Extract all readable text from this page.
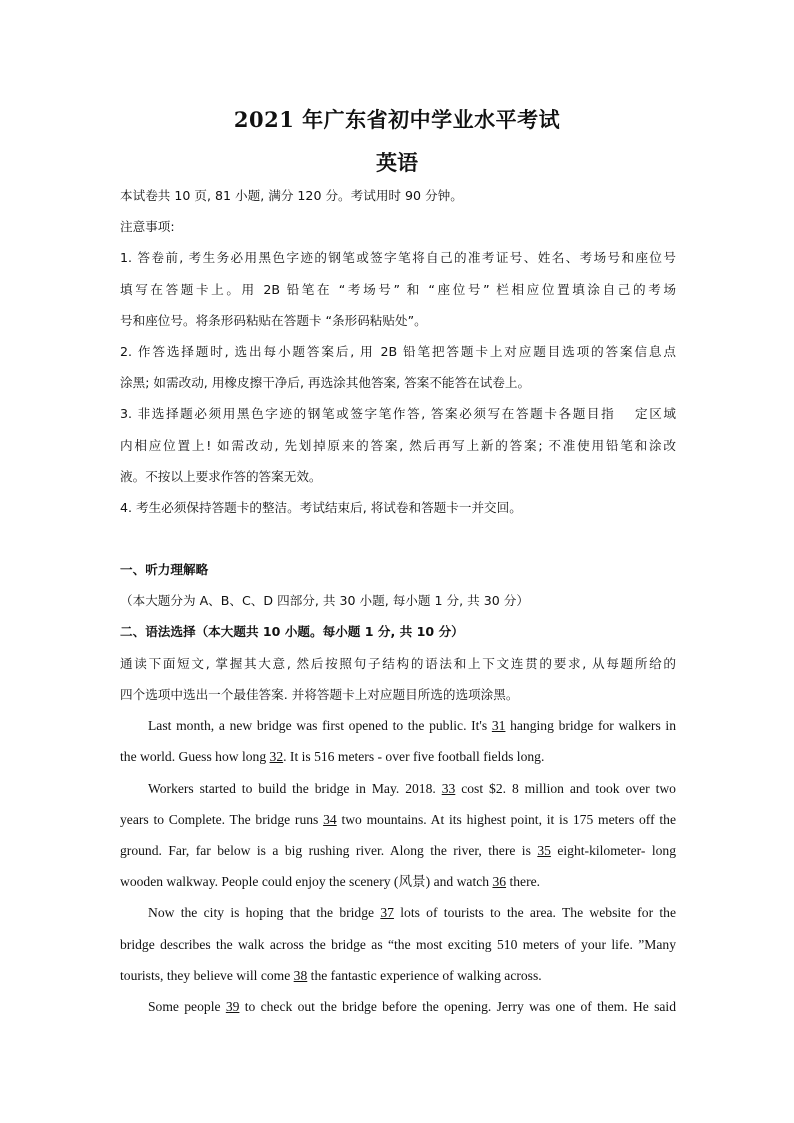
2021 年广东省初中学业水平考试
英语
本试卷共 10 页, 81 小题, 满分 120 分。考试用时 90 分钟。
注意事项:
1. 答卷前, 考生务必用黑色字迹的钢笔或签字笔将自己的准考证号、姓名、考场号和座位号
填写在答题卡上。用 2B 铅笔在 “考场号” 和 “座位号” 栏相应位置填涂自己的考场
号和座位号。将条形码粘贴在答题卡 “条形码粘贴处”。
2. 作答选择题时, 选出每小题答案后, 用 2B 铅笔把答题卡上对应题目选项的答案信息点
涂黑; 如需改动, 用橡皮擦干净后, 再选涂其他答案, 答案不能答在试卷上。
3. 非选择题必须用黑色字迹的钢笔或签字笔作答, 答案必须写在答题卡各题目指　 定区域
内相应位置上! 如需改动, 先划掉原来的答案, 然后再写上新的答案; 不准使用铅笔和涂改
液。不按以上要求作答的答案无效。
4. 考生必须保持答题卡的整洁。考试结束后, 将试卷和答题卡一并交回。
一、听力理解略
（本大题分为 A、B、C、D 四部分, 共 30 小题, 每小题 1 分, 共 30 分）
二、语法选择（本大题共 10 小题。每小题 1 分, 共 10 分）
通读下面短文, 掌握其大意, 然后按照句子结构的语法和上下文连贯的要求, 从每题所给的
四个选项中选出一个最佳答案. 并将答题卡上对应题目所选的选项涂黑。
Last month, a new bridge was first opened to the public. It's 31 hanging bridge for walkers in
the world. Guess how long 32. It is 516 meters - over five football fields long.
Workers started to build the bridge in May. 2018. 33 cost $2. 8 million and took over two
years to Complete. The bridge runs 34 two mountains. At its highest point, it is 175 meters off the
ground. Far, far below is a big rushing river. Along the river, there is 35 eight-kilometer- long
wooden walkway. People could enjoy the scenery (风景) and watch 36 there.
Now the city is hoping that the bridge 37 lots of tourists to the area. The website for the
bridge describes the walk across the bridge as “the most exciting 510 meters of your life. ”Many
tourists, they believe will come 38 the fantastic experience of walking across.
Some people 39 to check out the bridge before the opening. Jerry was one of them. He said
